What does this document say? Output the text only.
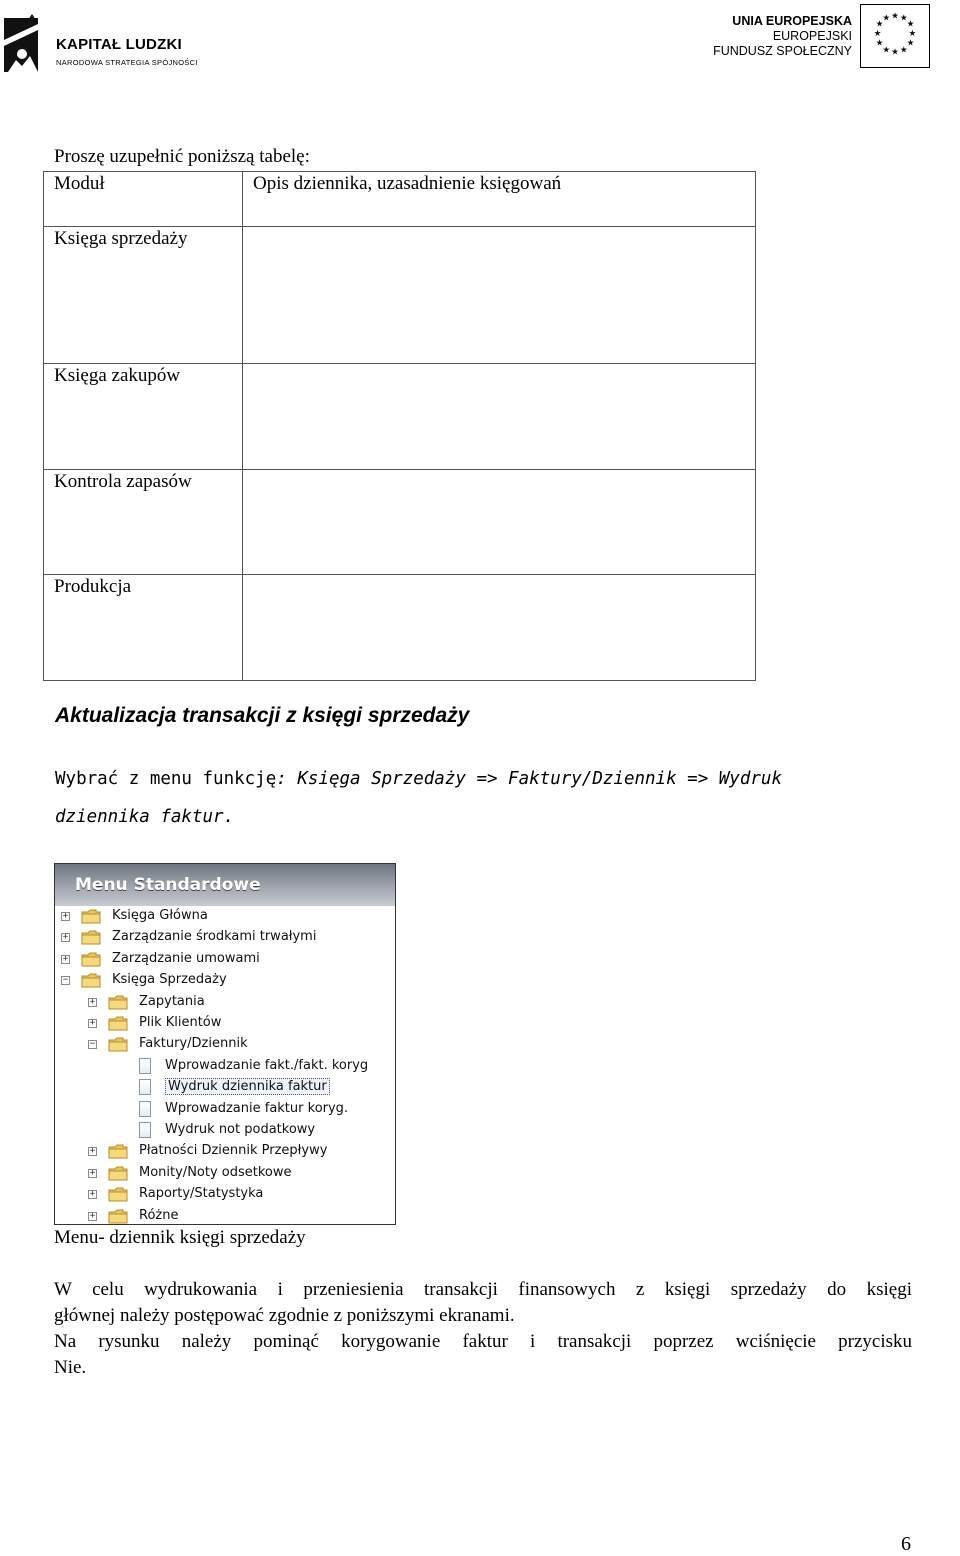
KAPITAŁ LUDZKI
NARODOWA STRATEGIA SPÓJNOŚCI
UNIA EUROPEJSKA
EUROPEJSKI
FUNDUSZ SPOŁECZNY
★ ★
★
★
★
★
★
★
★
★
★
★
Proszę uzupełnić poniższą tabelę:
Moduł	Opis dziennika, uzasadnienie księgowań
Księga sprzedaży	
Księga zakupów	
Kontrola zapasów	
Produkcja	
Aktualizacja transakcji z księgi sprzedaży
Wybrać z menu funkcję: Księga Sprzedaży => Faktury/Dziennik => Wydruk
dziennika faktur.
Menu Standardowe
+	Księga Główna
+	Zarządzanie środkami trwałymi
+	Zarządzanie umowami
−	Księga Sprzedaży
+	Zapytania
+	Plik Klientów
−	Faktury/Dziennik
Wprowadzanie fakt./fakt. koryg
Wydruk dziennika faktur
Wprowadzanie faktur koryg.
Wydruk not podatkowy
+	Płatności Dziennik Przepływy
+	Monity/Noty odsetkowe
+	Raporty/Statystyka
+	Różne
Menu- dziennik księgi sprzedaży
W celu wydrukowania i przeniesienia transakcji finansowych z księgi sprzedaży do księgi
głównej należy postępować zgodnie z poniższymi ekranami.
Na rysunku należy pominąć korygowanie faktur i transakcji poprzez wciśnięcie przycisku
Nie.
6
